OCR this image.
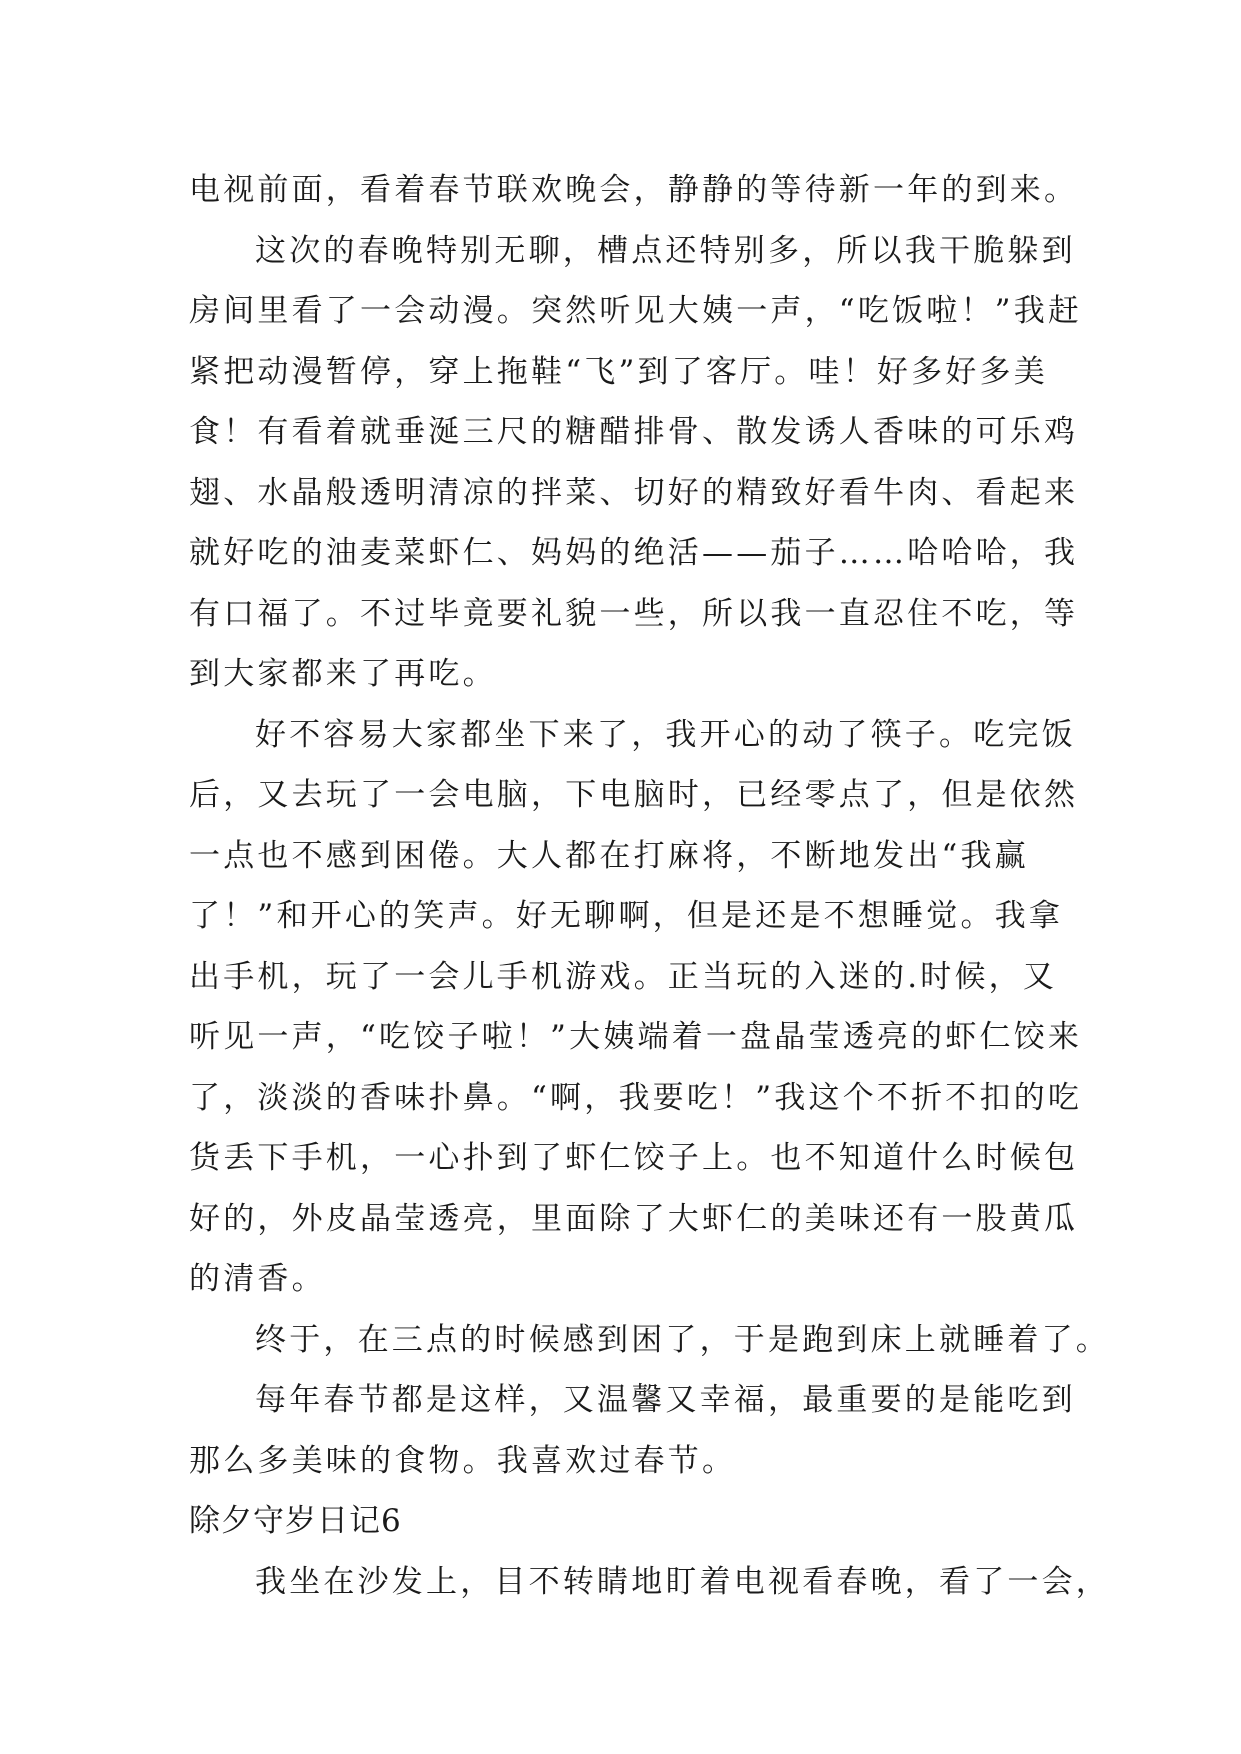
电视前面，看着春节联欢晚会，静静的等待新一年的到来。
这次的春晚特别无聊，槽点还特别多，所以我干脆躲到
房间里看了一会动漫。突然听见大姨一声，“吃饭啦！”我赶
紧把动漫暂停，穿上拖鞋“飞”到了客厅。哇！好多好多美
食！有看着就垂涎三尺的糖醋排骨、散发诱人香味的可乐鸡
翅、水晶般透明清凉的拌菜、切好的精致好看牛肉、看起来
就好吃的油麦菜虾仁、妈妈的绝活——茄子……哈哈哈，我
有口福了。不过毕竟要礼貌一些，所以我一直忍住不吃，等
到大家都来了再吃。
好不容易大家都坐下来了，我开心的动了筷子。吃完饭
后，又去玩了一会电脑，下电脑时，已经零点了，但是依然
一点也不感到困倦。大人都在打麻将，不断地发出“我赢
了！”和开心的笑声。好无聊啊，但是还是不想睡觉。我拿
出手机，玩了一会儿手机游戏。正当玩的入迷的.时候，又
听见一声，“吃饺子啦！”大姨端着一盘晶莹透亮的虾仁饺来
了，淡淡的香味扑鼻。“啊，我要吃！”我这个不折不扣的吃
货丢下手机，一心扑到了虾仁饺子上。也不知道什么时候包
好的，外皮晶莹透亮，里面除了大虾仁的美味还有一股黄瓜
的清香。
终于，在三点的时候感到困了，于是跑到床上就睡着了。
每年春节都是这样，又温馨又幸福，最重要的是能吃到
那么多美味的食物。我喜欢过春节。
除夕守岁日记6
我坐在沙发上，目不转睛地盯着电视看春晚，看了一会，
